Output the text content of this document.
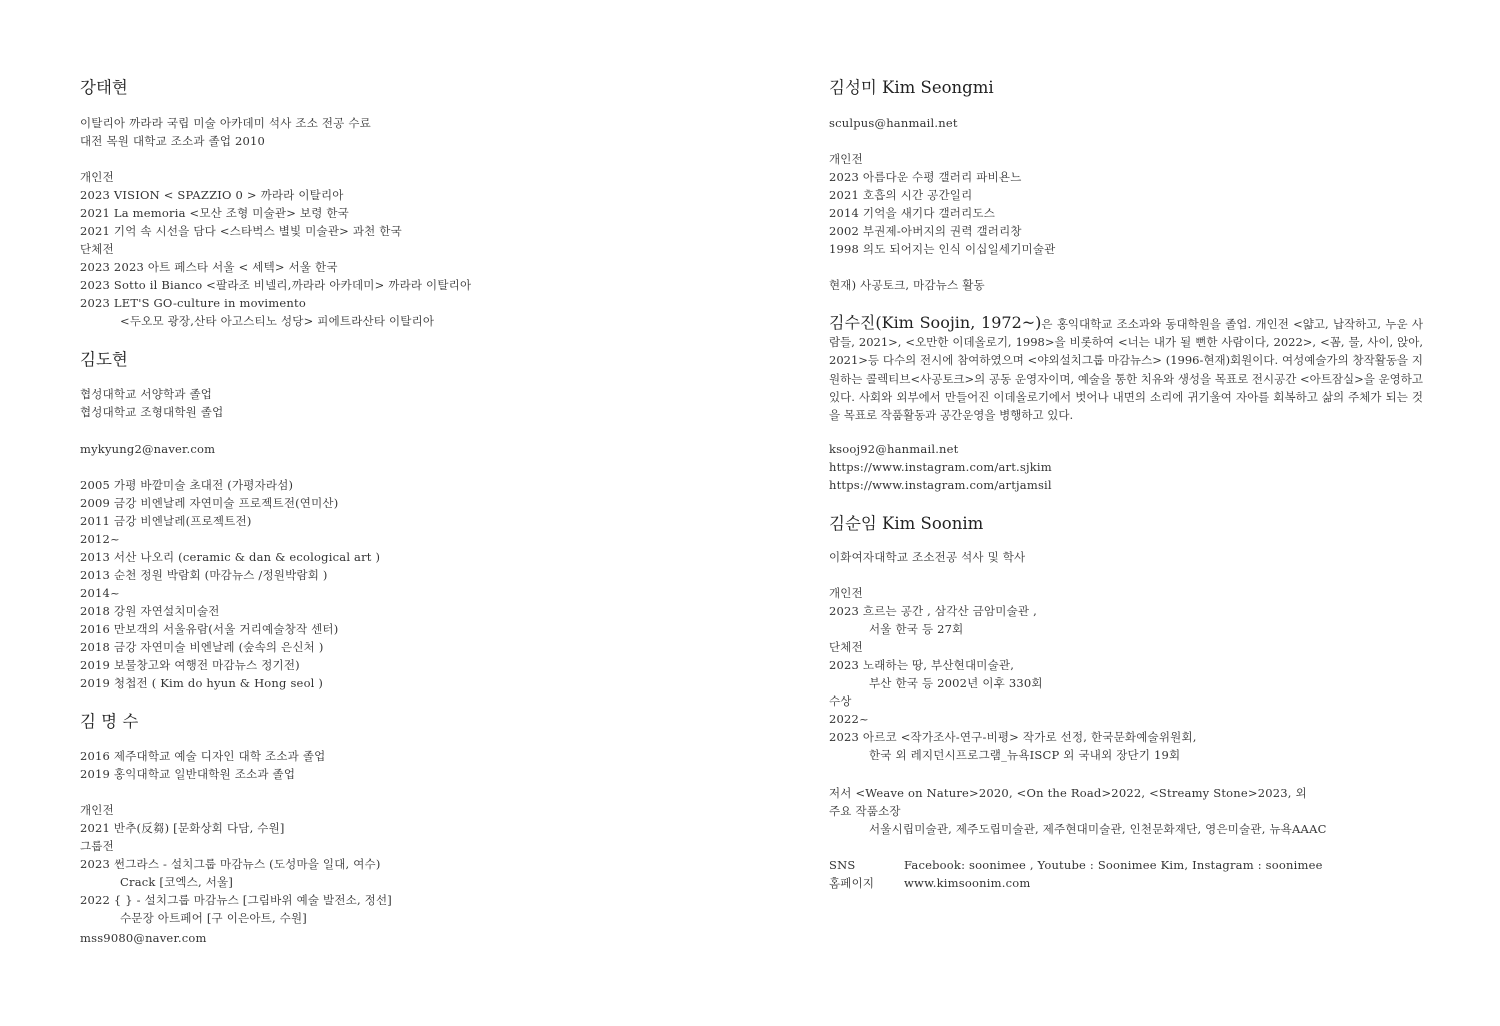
강태현
이탈리아 까라라 국립 미술 아카데미 석사 조소 전공 수료
대전 목원 대학교 조소과 졸업 2010
개인전
2023 VISION < SPAZZIO 0 > 까라라 이탈리아
2021 La memoria <모산 조형 미술관> 보령 한국
2021 기억 속 시선을 담다 <스타벅스 별빛 미술관> 과천 한국
단체전
2023 2023 아트 페스타 서울 < 세텍> 서울 한국
2023 Sotto il Bianco <팔라조 비넬리,까라라 아카데미> 까라라 이탈리아
2023 LET'S GO-culture in movimento
<두오모 광장,산타 아고스티노 성당> 피에트라산타 이탈리아
김도현
협성대학교 서양학과 졸업
협성대학교 조형대학원 졸업
mykyung2@naver.com
2005 가평 바깥미술 초대전 (가평자라섬)
2009 금강 비엔날레 자연미술 프로젝트전(연미산)
2011 금강 비엔날레(프로젝트전)
2012~
2013 서산 나오리 (ceramic & dan & ecological art )
2013 순천 정원 박람회 (마감뉴스 /정원박람회 )
2014~
2018 강원 자연설치미술전
2016 만보객의 서울유람(서울 거리예술창작 센터)
2018 금강 자연미술 비엔날레 (숲속의 은신처 )
2019 보물창고와 여행전 마감뉴스 정기전)
2019 청첩전 ( Kim do hyun & Hong seol )
김 명 수
2016 제주대학교 예술 디자인 대학 조소과 졸업
2019 홍익대학교 일반대학원 조소과 졸업
개인전
2021 반추(反芻) [문화상회 다담, 수원]
그룹전
2023 썬그라스 - 설치그룹 마감뉴스 (도성마을 일대, 여수)
Crack [코엑스, 서울]
2022 { } - 설치그룹 마감뉴스 [그림바위 예술 발전소, 정선]
수문장 아트페어 [구 이은아트, 수원]
mss9080@naver.com
김성미 Kim Seongmi
sculpus@hanmail.net
개인전
2023 아름다운 수평 갤러리 파비욘느
2021 호흡의 시간 공간일리
2014 기억을 새기다 갤러리도스
2002 부권제-아버지의 권력 갤러리창
1998 의도 되어지는 인식 이십일세기미술관
현재) 사공토크, 마감뉴스 활동
김수진(Kim Soojin, 1972~)은 홍익대학교 조소과와 동대학원을 졸업. 개인전 <얇고, 납작하고, 누운 사람들, 2021>, <오만한 이데올로기, 1998>을 비롯하여 <너는 내가 될 뻔한 사람이다, 2022>, <꼼, 물, 사이, 앉아, 2021>등 다수의 전시에 참여하였으며 <야외설치그룹 마감뉴스> (1996-현재)회원이다. 여성예술가의 창작활동을 지원하는 콜렉티브<사공토크>의 공동 운영자이며, 예술을 통한 치유와 생성을 목표로 전시공간 <아트잠실>을 운영하고 있다. 사회와 외부에서 만들어진 이데올로기에서 벗어나 내면의 소리에 귀기울여 자아를 회복하고 삶의 주체가 되는 것을 목표로 작품활동과 공간운영을 병행하고 있다.
ksooj92@hanmail.net
https://www.instagram.com/art.sjkim
https://www.instagram.com/artjamsil
김순임 Kim Soonim
이화여자대학교 조소전공 석사 및 학사
개인전
2023 흐르는 공간 , 삼각산 금암미술관 ,
서울 한국 등 27회
단체전
2023 노래하는 땅, 부산현대미술관,
부산 한국 등 2002년 이후 330회
수상
2022~
2023 아르코 <작가조사-연구-비평> 작가로 선정, 한국문화예술위원회,
한국 외 레지던시프로그램_뉴욕ISCP 외 국내외 장단기 19회
저서 <Weave on Nature>2020, <On the Road>2022, <Streamy Stone>2023, 외
주요 작품소장
서울시립미술관, 제주도립미술관, 제주현대미술관, 인천문화재단, 영은미술관, 뉴욕AAAC
SNS	Facebook: soonimee , Youtube : Soonimee Kim, Instagram : soonimee
홈페이지	www.kimsoonim.com
